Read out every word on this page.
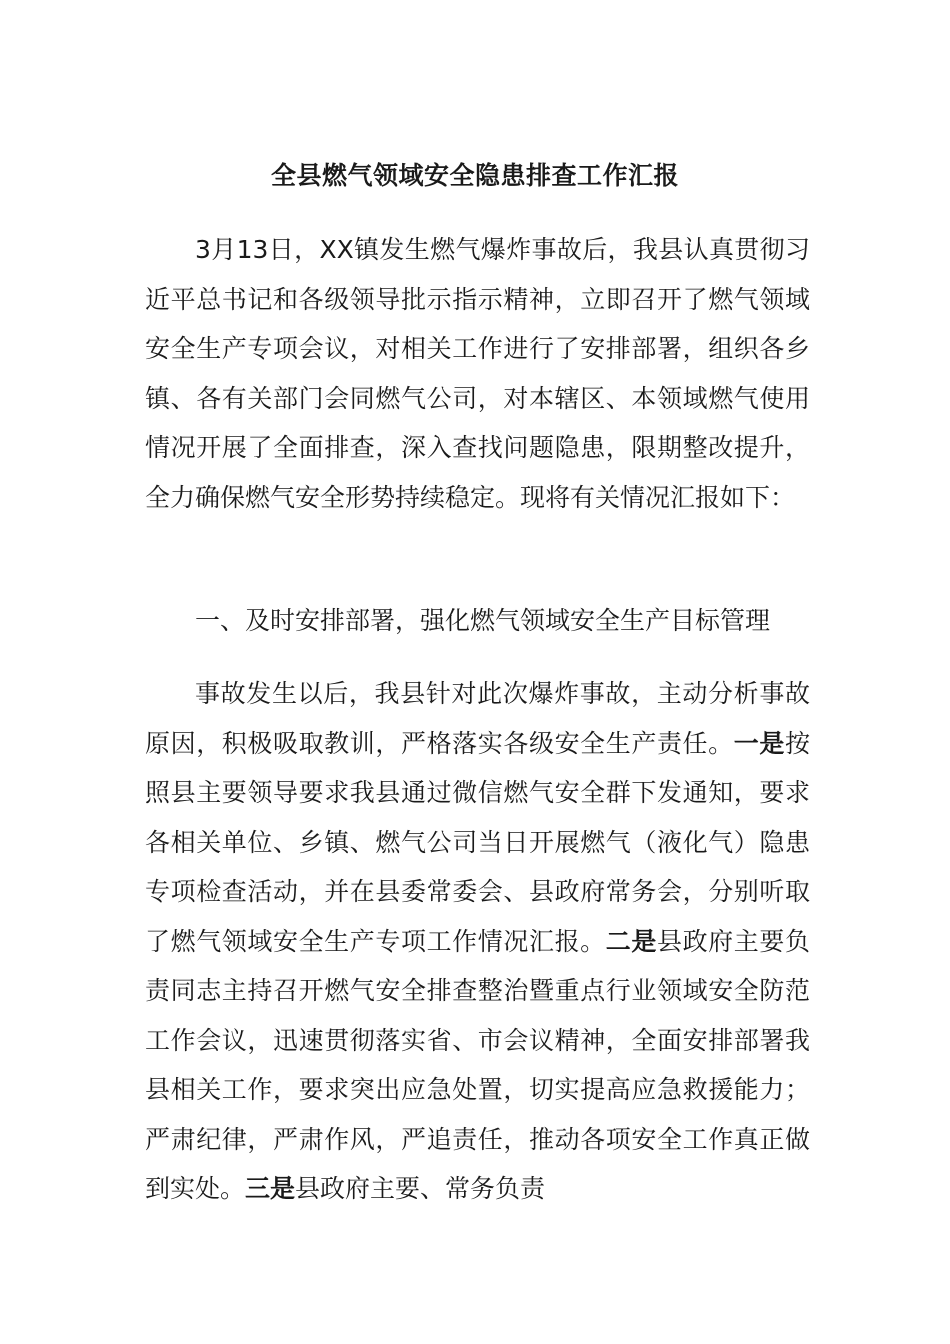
全县燃气领域安全隐患排查工作汇报

3月13日，XX镇发生燃气爆炸事故后，我县认真贯彻习近平总书记和各级领导批示指示精神，立即召开了燃气领域安全生产专项会议，对相关工作进行了安排部署，组织各乡镇、各有关部门会同燃气公司，对本辖区、本领域燃气使用情况开展了全面排查，深入查找问题隐患，限期整改提升，全力确保燃气安全形势持续稳定。现将有关情况汇报如下：

一、及时安排部署，强化燃气领域安全生产目标管理

事故发生以后，我县针对此次爆炸事故，主动分析事故原因，积极吸取教训，严格落实各级安全生产责任。一是按照县主要领导要求我县通过微信燃气安全群下发通知，要求各相关单位、乡镇、燃气公司当日开展燃气（液化气）隐患专项检查活动，并在县委常委会、县政府常务会，分别听取了燃气领域安全生产专项工作情况汇报。二是县政府主要负责同志主持召开燃气安全排查整治暨重点行业领域安全防范工作会议，迅速贯彻落实省、市会议精神，全面安排部署我县相关工作，要求突出应急处置，切实提高应急救援能力；严肃纪律，严肃作风，严追责任，推动各项安全工作真正做到实处。三是县政府主要、常务负责
